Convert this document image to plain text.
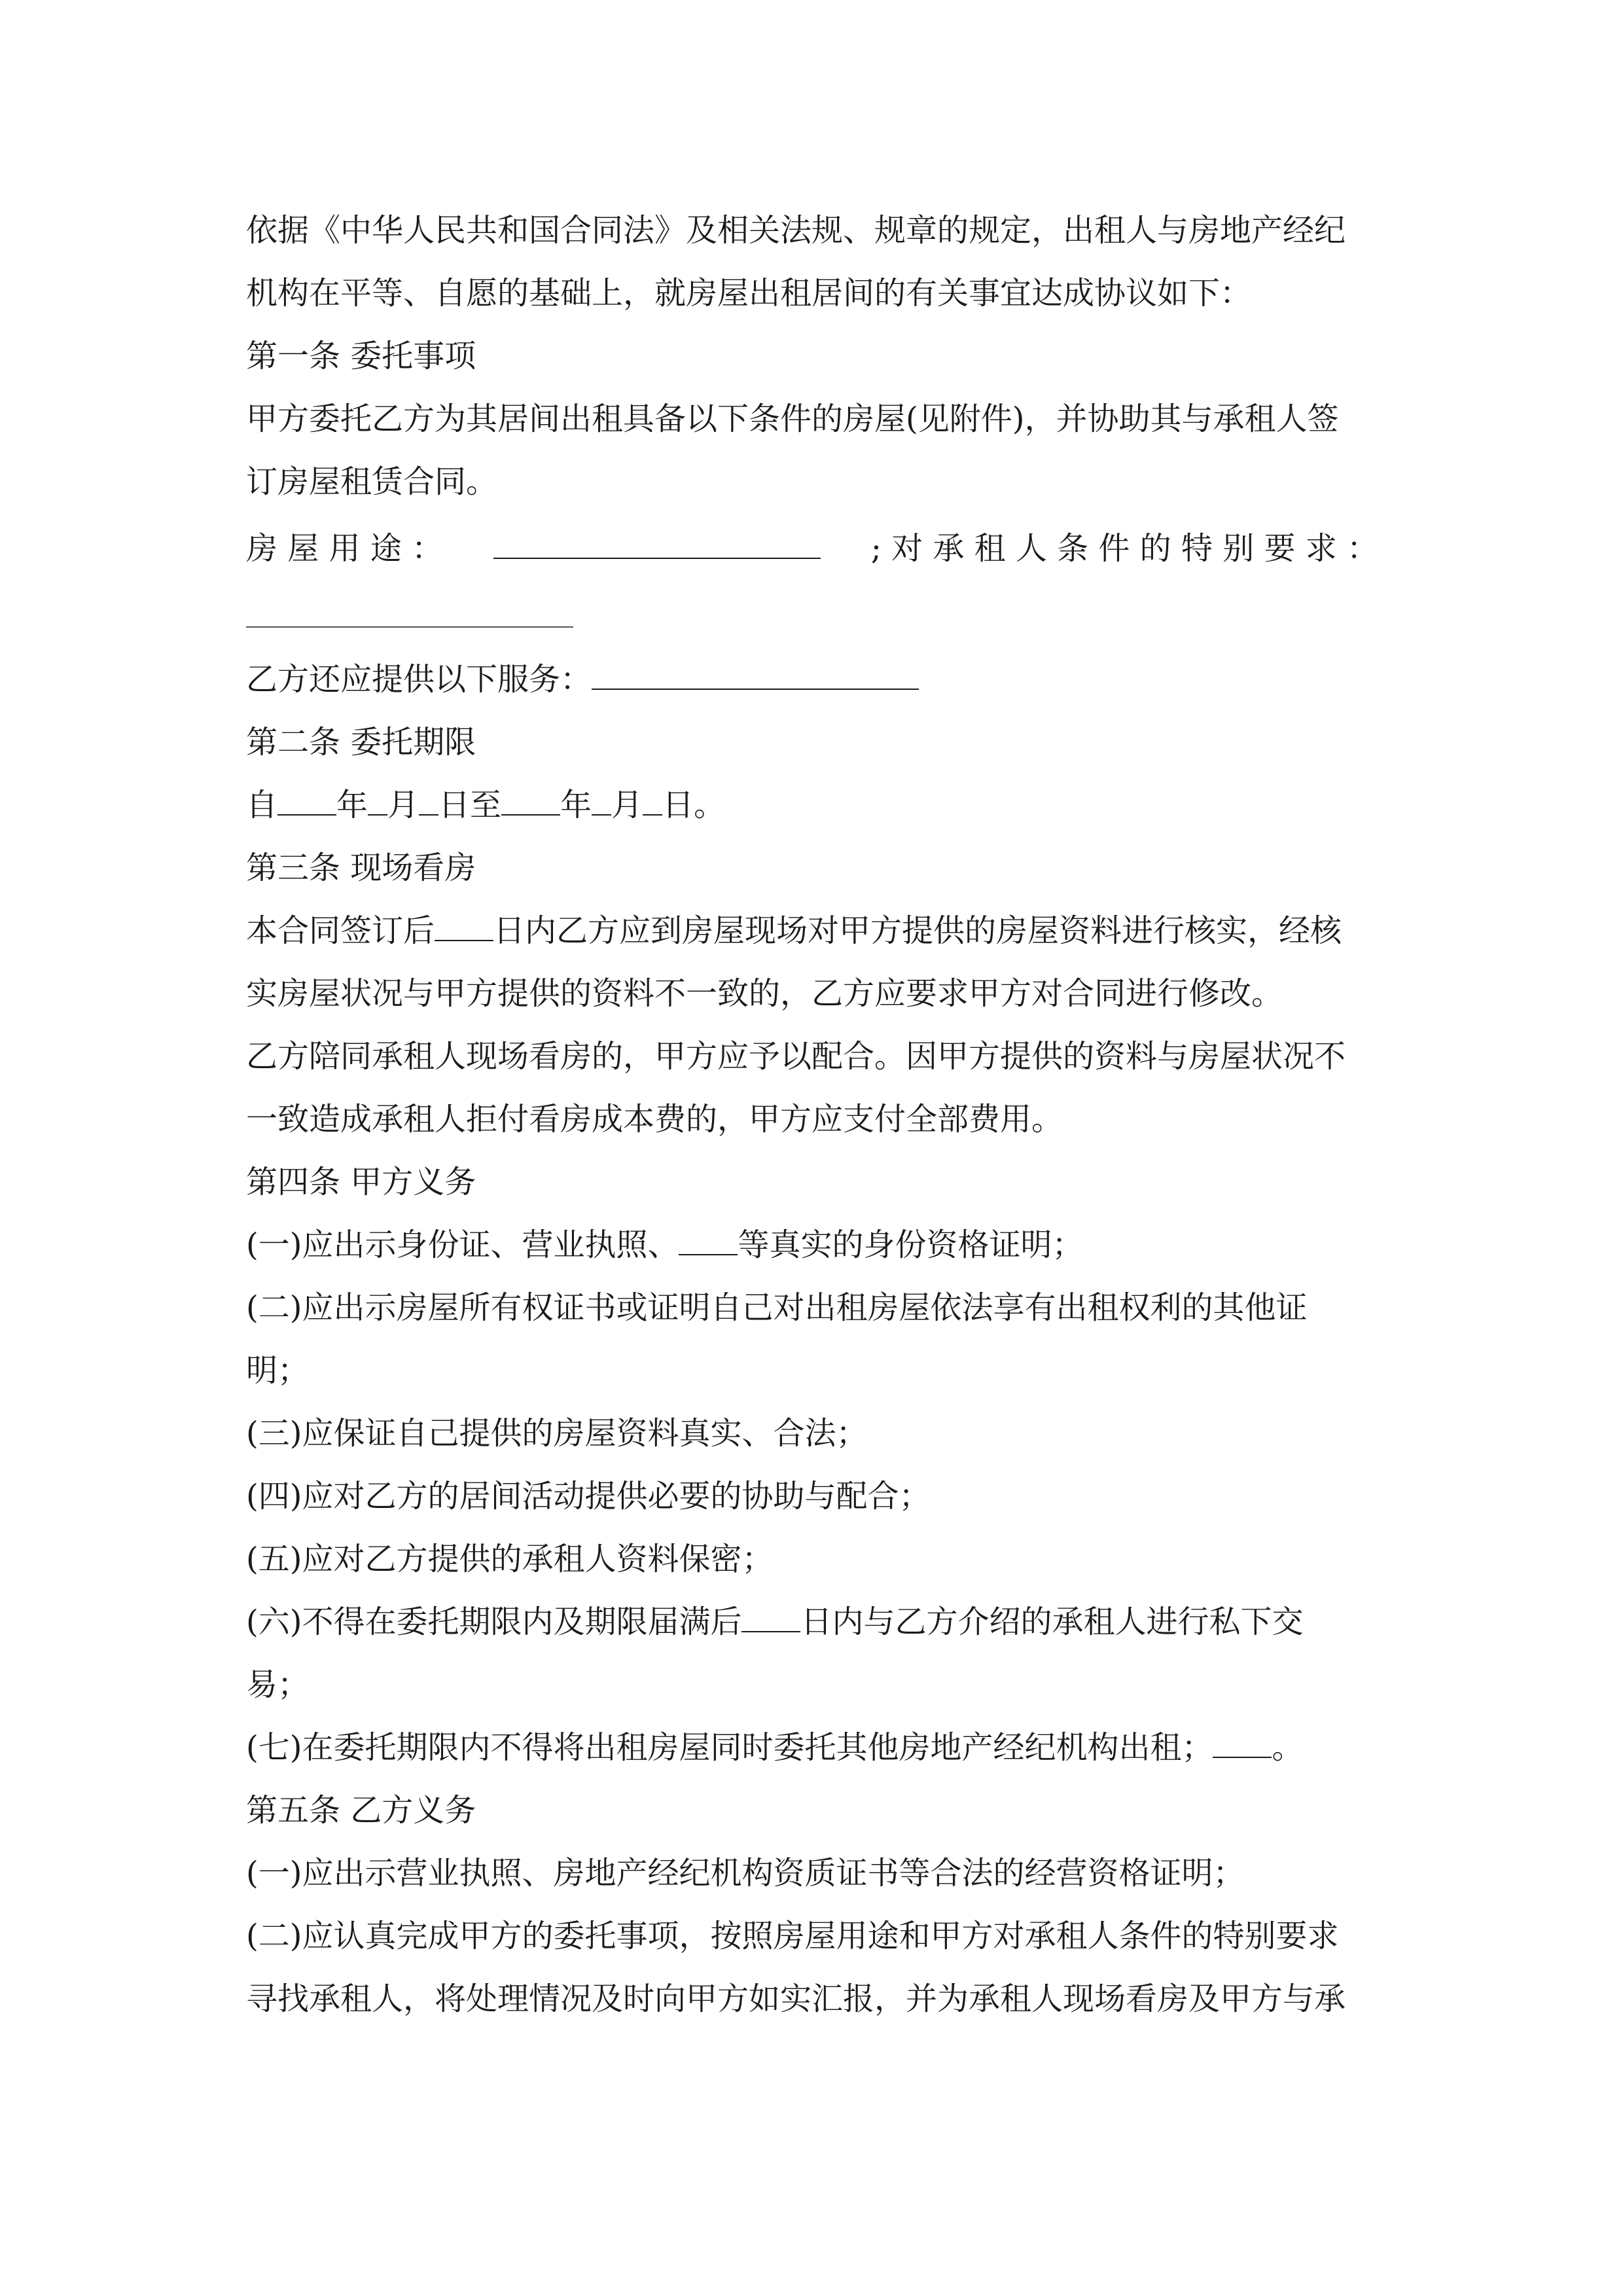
依据《中华人民共和国合同法》及相关法规、规章的规定，出租人与房地产经纪
机构在平等、自愿的基础上，就房屋出租居间的有关事宜达成协议如下：
第一条 委托事项
甲方委托乙方为其居间出租具备以下条件的房屋(见附件)，并协助其与承租人签
订房屋租赁合同。
房 屋 用 途 ：	; 对 承 租 人 条 件 的 特 别 要 求 ：
乙方还应提供以下服务：
第二条 委托期限
自 年 月 日至 年 月 日。
第三条 现场看房
本合同签订后 日内乙方应到房屋现场对甲方提供的房屋资料进行核实，经核
实房屋状况与甲方提供的资料不一致的，乙方应要求甲方对合同进行修改。
乙方陪同承租人现场看房的，甲方应予以配合。因甲方提供的资料与房屋状况不
一致造成承租人拒付看房成本费的，甲方应支付全部费用。
第四条 甲方义务
(一)应出示身份证、营业执照、 等真实的身份资格证明；
(二)应出示房屋所有权证书或证明自己对出租房屋依法享有出租权利的其他证
明；
(三)应保证自己提供的房屋资料真实、合法；
(四)应对乙方的居间活动提供必要的协助与配合；
(五)应对乙方提供的承租人资料保密；
(六)不得在委托期限内及期限届满后 日内与乙方介绍的承租人进行私下交
易；
(七)在委托期限内不得将出租房屋同时委托其他房地产经纪机构出租； 。
第五条 乙方义务
(一)应出示营业执照、房地产经纪机构资质证书等合法的经营资格证明；
(二)应认真完成甲方的委托事项，按照房屋用途和甲方对承租人条件的特别要求
寻找承租人，将处理情况及时向甲方如实汇报，并为承租人现场看房及甲方与承
